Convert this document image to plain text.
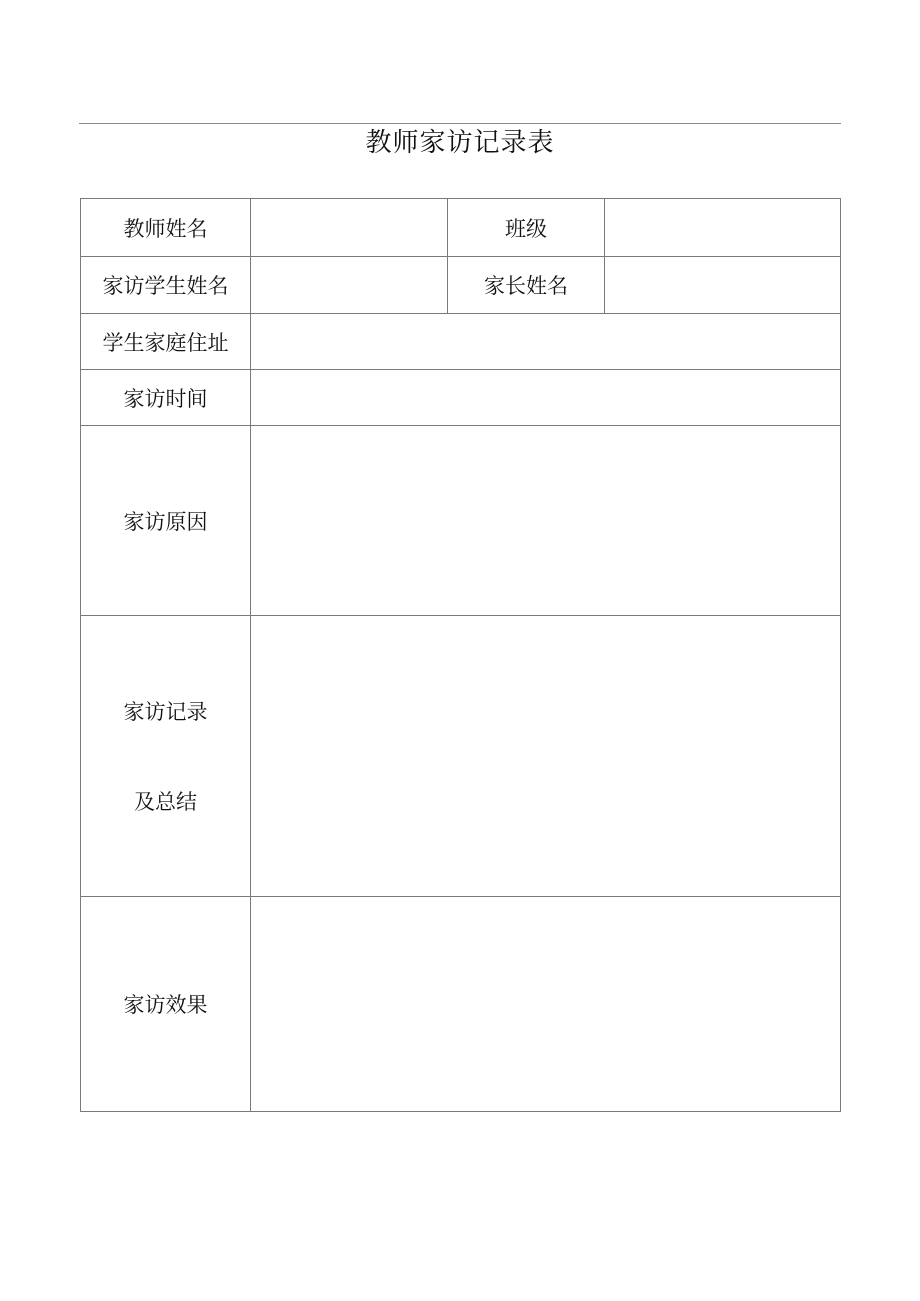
教师家访记录表
教师姓名		班级	
家访学生姓名		家长姓名	
学生家庭住址			
家访时间			
家访原因			

家访记录
及总结			

家访效果			
